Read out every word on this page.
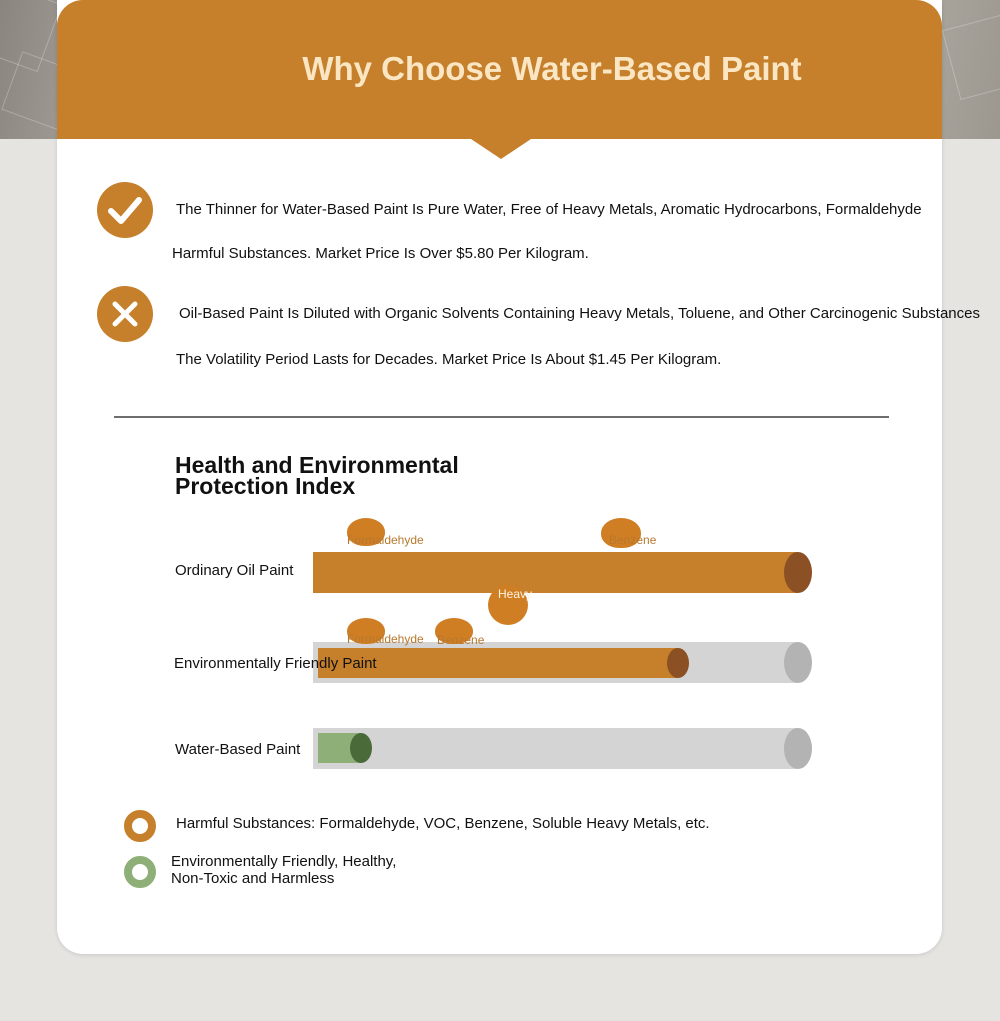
Why Choose Water-Based Paint
The Thinner for Water-Based Paint Is Pure Water, Free of Heavy Metals, Aromatic Hydrocarbons, Formaldehyde
Harmful Substances. Market Price Is Over $5.80 Per Kilogram.
Oil-Based Paint Is Diluted with Organic Solvents Containing Heavy Metals, Toluene, and Other Carcinogenic Substances
The Volatility Period Lasts for Decades. Market Price Is About $1.45 Per Kilogram.
Health and Environmental Protection Index
Ordinary Oil Paint
Formaldehyde	Benzene
Heavy
Formaldehyde Benzene
Environmentally Friendly Paint
Water-Based Paint
Harmful Substances: Formaldehyde, VOC, Benzene, Soluble Heavy Metals, etc.
Environmentally Friendly, Healthy,
Non-Toxic and Harmless
